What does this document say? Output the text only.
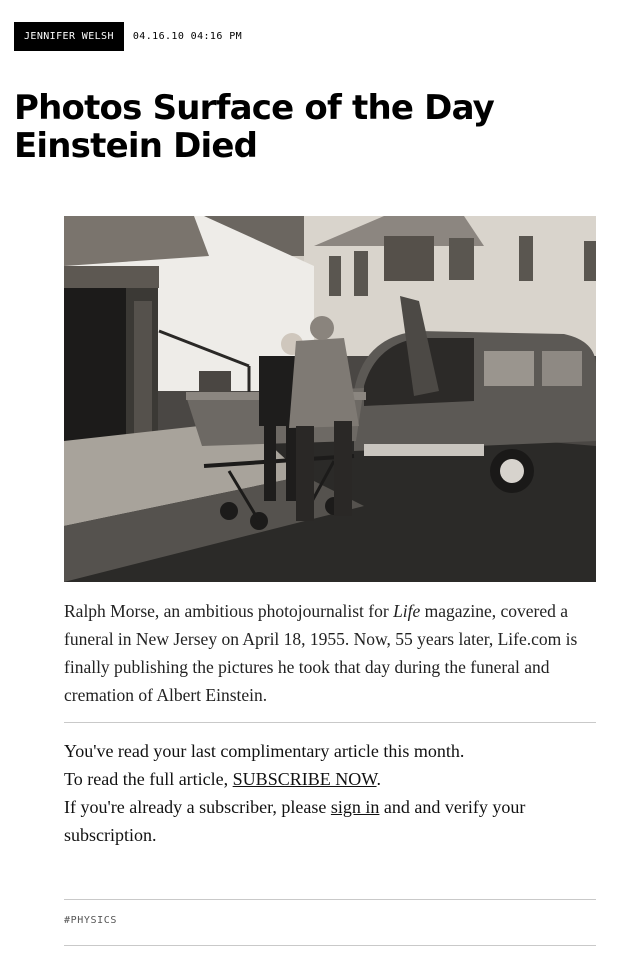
JENNIFER WELSH	04.16.10 04:16 PM
Photos Surface of the Day Einstein Died

Ralph Morse, an ambitious photojournalist for Life magazine, covered a funeral in New Jersey on April 18, 1955. Now, 55 years later, Life.com is finally publishing the pictures he took that day during the funeral and cremation of Albert Einstein.

You've read your last complimentary article this month.
To read the full article, SUBSCRIBE NOW.
If you're already a subscriber, please sign in and and verify your subscription.
#PHYSICS
